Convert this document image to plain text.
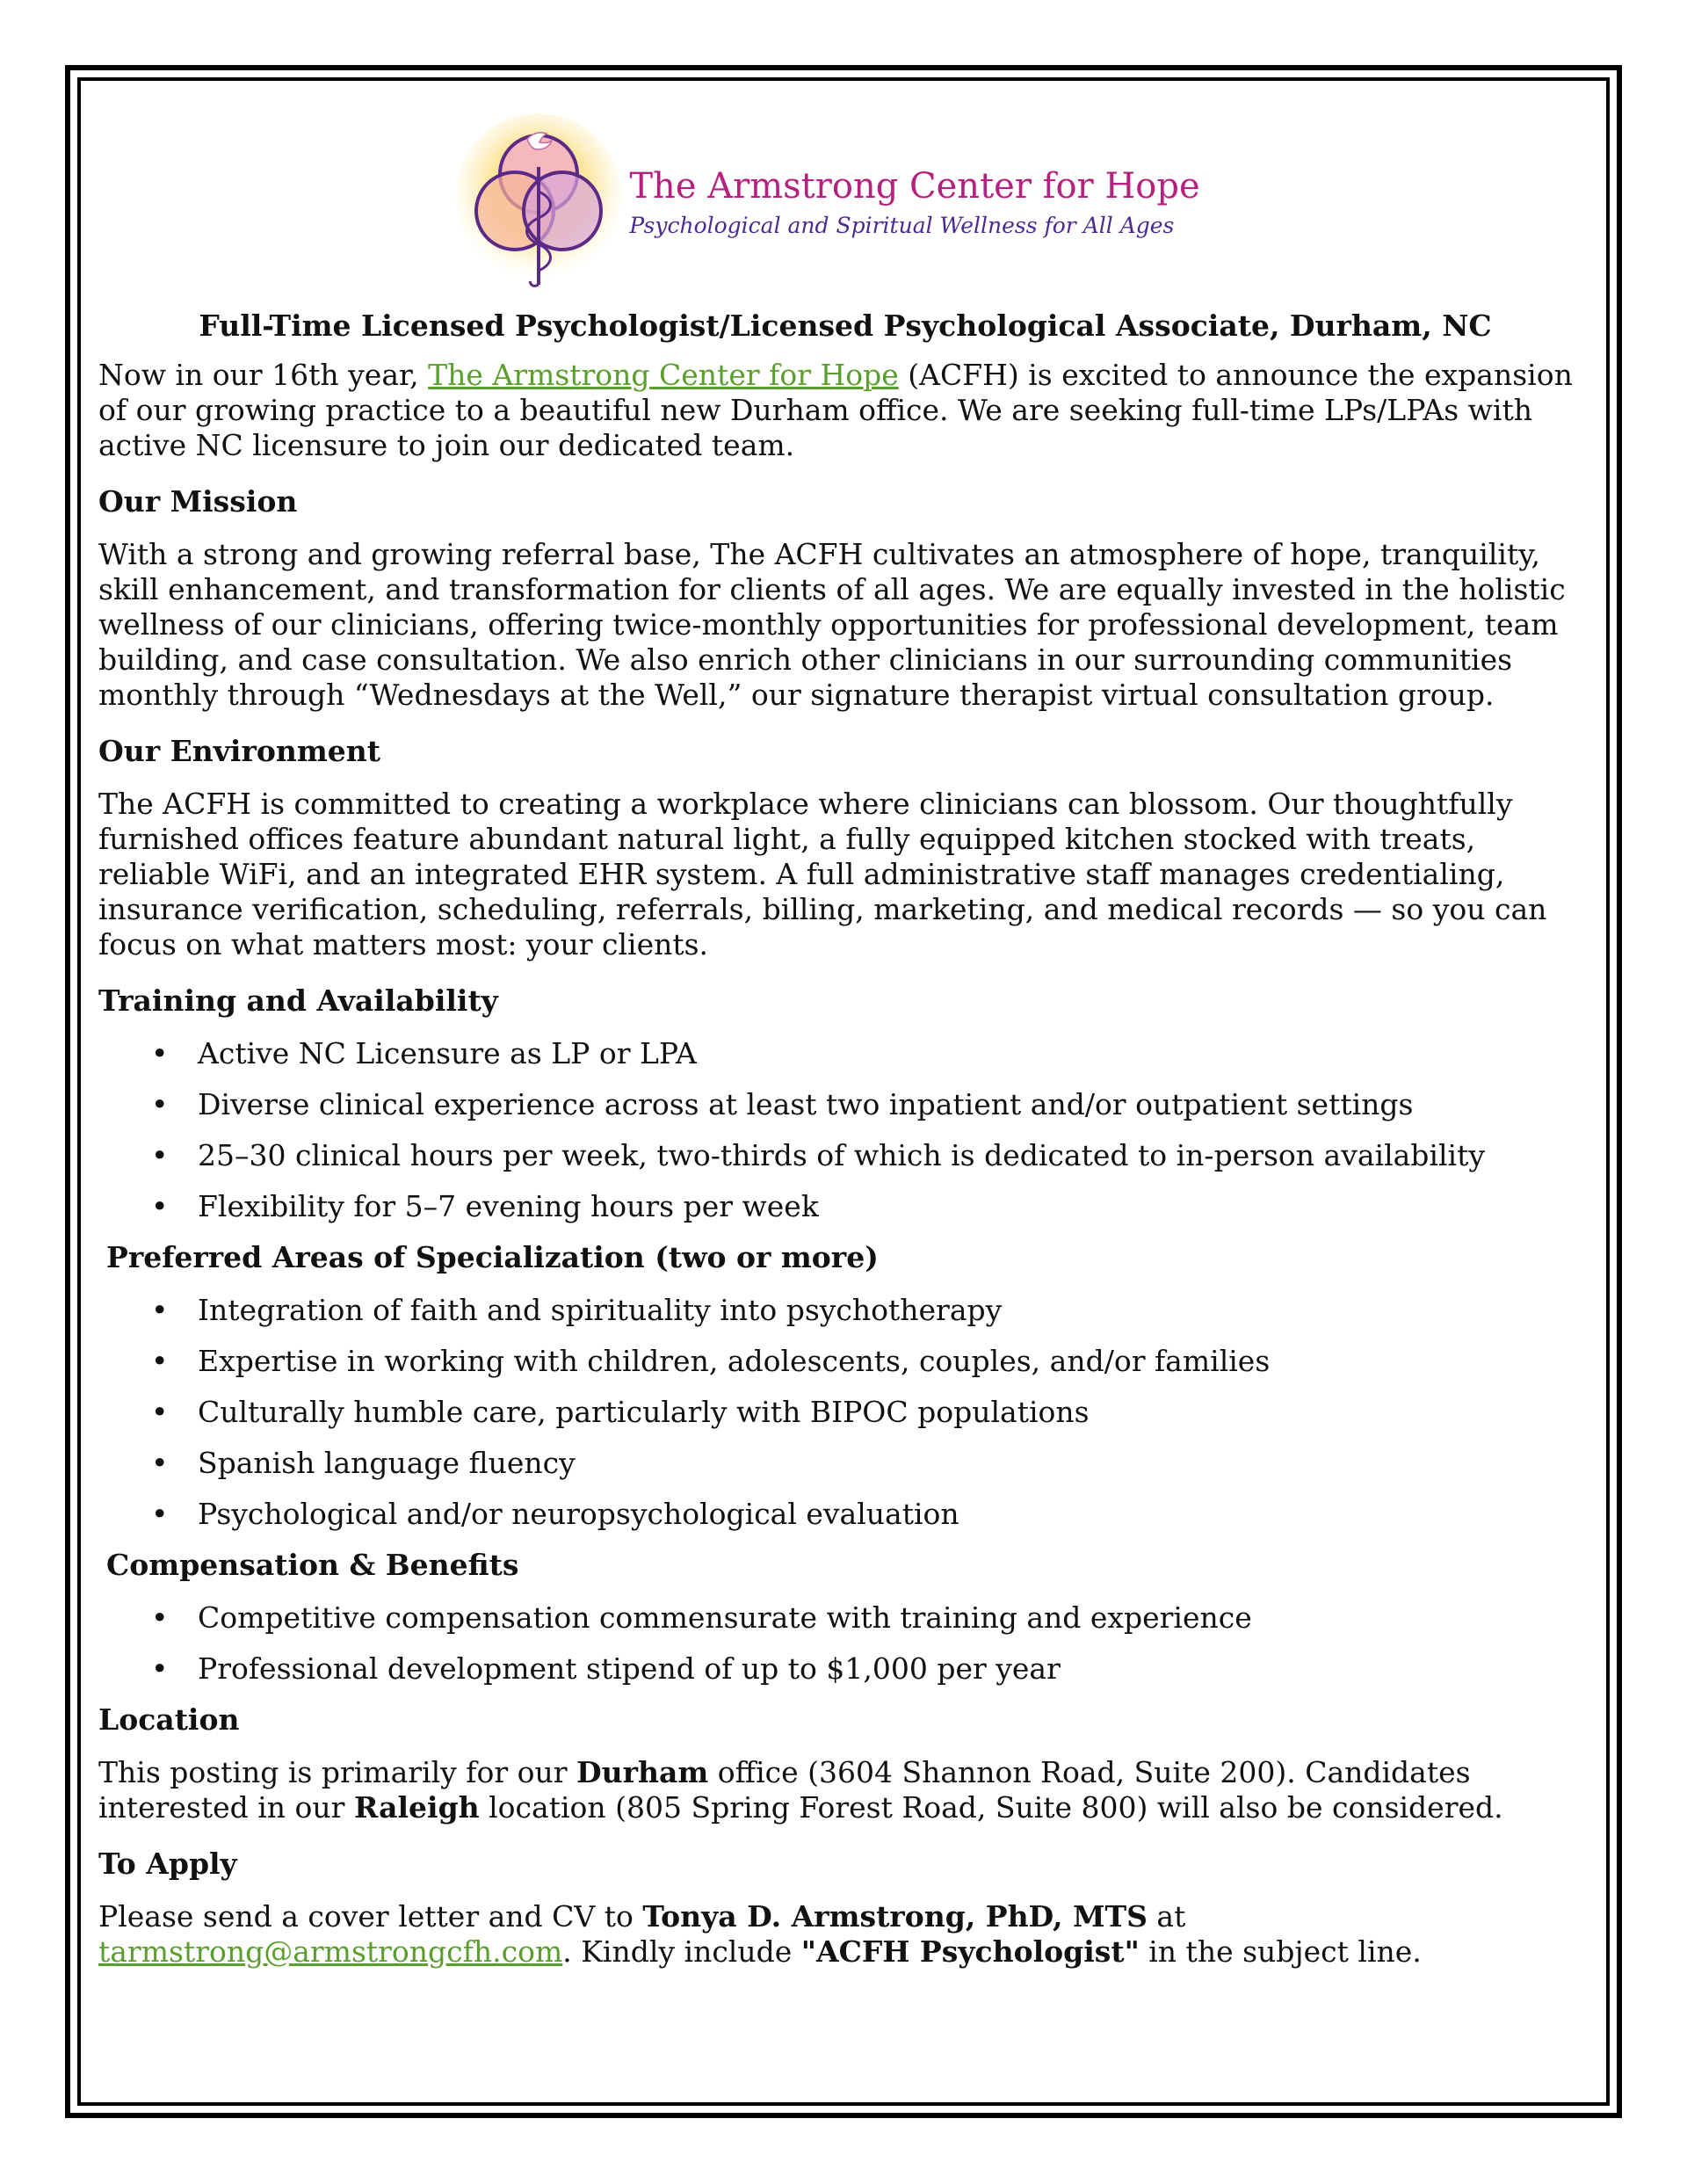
The Armstrong Center for Hope
Psychological and Spiritual Wellness for All Ages
Full-Time Licensed Psychologist/Licensed Psychological Associate, Durham, NC

Now in our 16th year, The Armstrong Center for Hope (ACFH) is excited to announce the expansion of our growing practice to a beautiful new Durham office. We are seeking full-time LPs/LPAs with active NC licensure to join our dedicated team.

Our Mission

With a strong and growing referral base, The ACFH cultivates an atmosphere of hope, tranquility, skill enhancement, and transformation for clients of all ages. We are equally invested in the holistic wellness of our clinicians, offering twice-monthly opportunities for professional development, team building, and case consultation. We also enrich other clinicians in our surrounding communities monthly through “Wednesdays at the Well,” our signature therapist virtual consultation group.

Our Environment

The ACFH is committed to creating a workplace where clinicians can blossom. Our thoughtfully furnished offices feature abundant natural light, a fully equipped kitchen stocked with treats, reliable WiFi, and an integrated EHR system. A full administrative staff manages credentialing, insurance verification, scheduling, referrals, billing, marketing, and medical records — so you can focus on what matters most: your clients.

Training and Availability
• Active NC Licensure as LP or LPA
• Diverse clinical experience across at least two inpatient and/or outpatient settings
• 25–30 clinical hours per week, two-thirds of which is dedicated to in-person availability
• Flexibility for 5–7 evening hours per week
Preferred Areas of Specialization (two or more)
• Integration of faith and spirituality into psychotherapy
• Expertise in working with children, adolescents, couples, and/or families
• Culturally humble care, particularly with BIPOC populations
• Spanish language fluency
• Psychological and/or neuropsychological evaluation
Compensation & Benefits
• Competitive compensation commensurate with training and experience
• Professional development stipend of up to $1,000 per year
Location

This posting is primarily for our Durham office (3604 Shannon Road, Suite 200). Candidates interested in our Raleigh location (805 Spring Forest Road, Suite 800) will also be considered.

To Apply

Please send a cover letter and CV to Tonya D. Armstrong, PhD, MTS at tarmstrong@armstrongcfh.com. Kindly include "ACFH Psychologist" in the subject line.
